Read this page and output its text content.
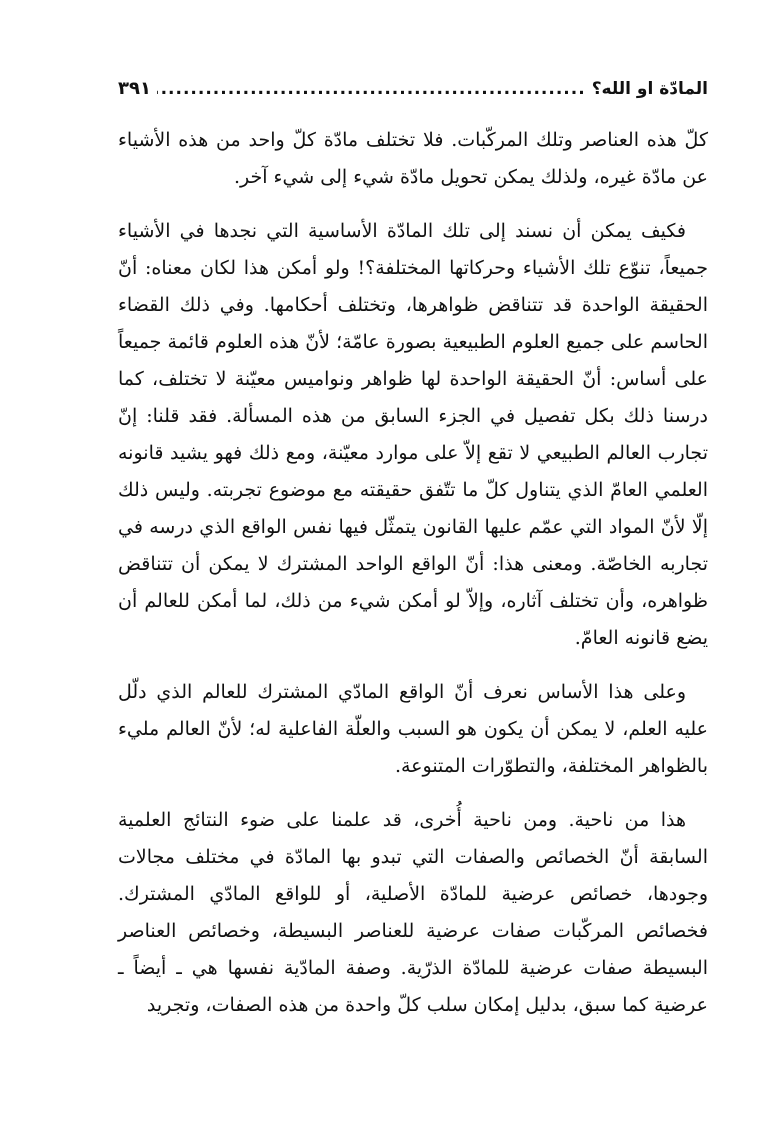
المادّة او الله؟
.....
٣٩١

كلّ هذه العناصر وتلك المركّبات. فلا تختلف مادّة كلّ واحد من هذه الأشياء عن مادّة غيره، ولذلك يمكن تحويل مادّة شيء إلى شيء آخر.

فكيف يمكن أن نسند إلى تلك المادّة الأساسية التي نجدها في الأشياء جميعاً، تنوّع تلك الأشياء وحركاتها المختلفة؟! ولو أمكن هذا لكان معناه: أنّ الحقيقة الواحدة قد تتناقض ظواهرها، وتختلف أحكامها. وفي ذلك القضاء الحاسم على جميع العلوم الطبيعية بصورة عامّة؛ لأنّ هذه العلوم قائمة جميعاً على أساس: أنّ الحقيقة الواحدة لها ظواهر ونواميس معيّنة لا تختلف، كما درسنا ذلك بكل تفصيل في الجزء السابق من هذه المسألة. فقد قلنا: إنّ تجارب العالم الطبيعي لا تقع إلاّ على موارد معيّنة، ومع ذلك فهو يشيد قانونه العلمي العامّ الذي يتناول كلّ ما تتّفق حقيقته مع موضوع تجربته. وليس ذلك إلّا لأنّ المواد التي عمّم عليها القانون يتمثّل فيها نفس الواقع الذي درسه في تجاربه الخاصّة. ومعنى هذا: أنّ الواقع الواحد المشترك لا يمكن أن تتناقض ظواهره، وأن تختلف آثاره، وإلاّ لو أمكن شيء من ذلك، لما أمكن للعالم أن يضع قانونه العامّ.

وعلى هذا الأساس نعرف أنّ الواقع المادّي المشترك للعالم الذي دلّل عليه العلم، لا يمكن أن يكون هو السبب والعلّة الفاعلية له؛ لأنّ العالم مليء بالظواهر المختلفة، والتطوّرات المتنوعة.

هذا من ناحية. ومن ناحية أُخرى، قد علمنا على ضوء النتائج العلمية السابقة أنّ الخصائص والصفات التي تبدو بها المادّة في مختلف مجالات وجودها، خصائص عرضية للمادّة الأصلية، أو للواقع المادّي المشترك. فخصائص المركّبات صفات عرضية للعناصر البسيطة، وخصائص العناصر البسيطة صفات عرضية للمادّة الذرّية. وصفة المادّية نفسها هي ـ أيضاً ـ عرضية كما سبق، بدليل إمكان سلب كلّ واحدة من هذه الصفات، وتجريد
